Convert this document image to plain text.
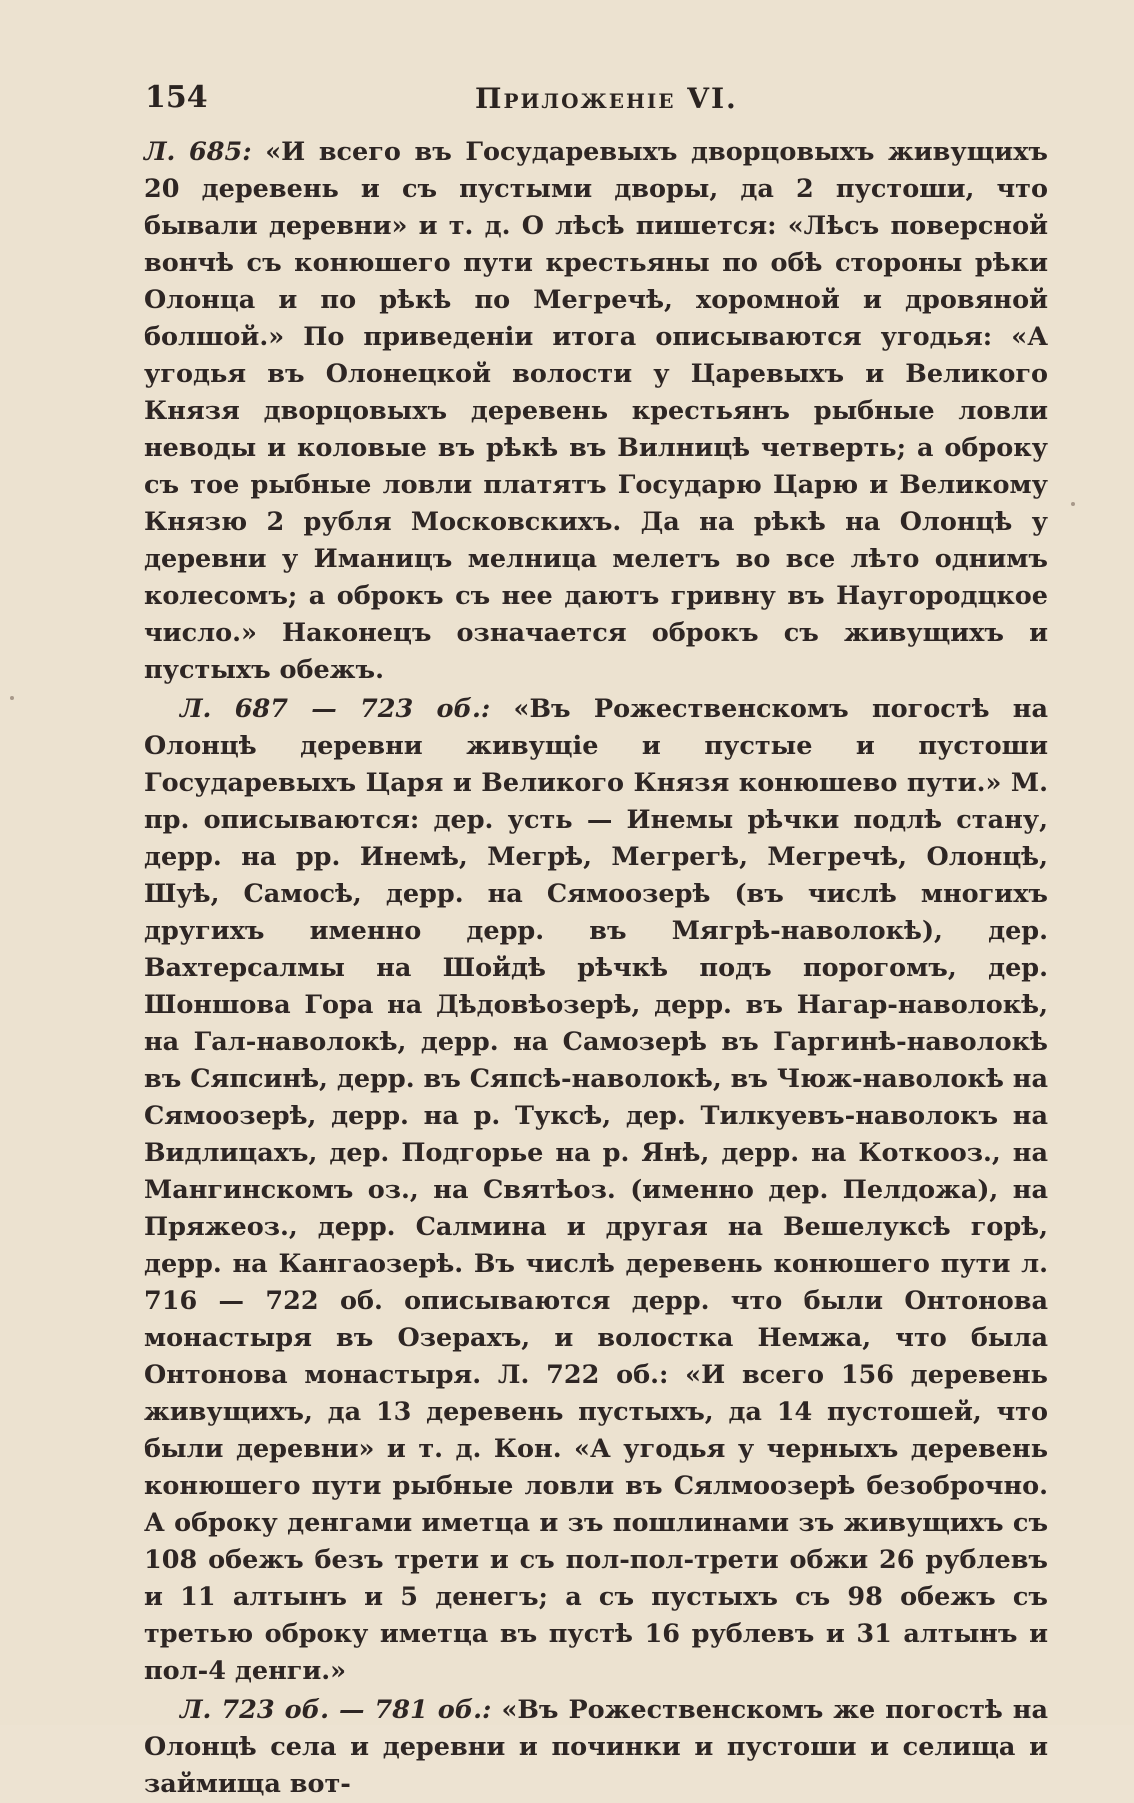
154	Приложеніе VI.

Л. 685: «И всего въ Государевыхъ дворцовыхъ живущихъ 20 деревень и съ пустыми дворы, да 2 пустоши, что бывали деревни» и т. д. О лѣсѣ пишется: «Лѣсъ поверсной вончѣ съ конюшего пути крестьяны по обѣ стороны рѣки Олонца и по рѣкѣ по Мегречѣ, хоромной и дровяной болшой.» По приведеніи итога описываются угодья: «А угодья въ Олонецкой волости у Царевыхъ и Великого Князя дворцовыхъ деревень крестьянъ рыбные ловли неводы и коловые въ рѣкѣ въ Вилницѣ четверть; а оброку съ тое рыбные ловли платятъ Государю Царю и Великому Князю 2 рубля Московскихъ. Да на рѣкѣ на Олонцѣ у деревни у Иманицъ мелница мелетъ во все лѣто однимъ колесомъ; а оброкъ съ нее даютъ гривну въ Наугородцкое число.» Наконецъ означается оброкъ съ живущихъ и пустыхъ обежъ.

Л. 687 — 723 об.: «Въ Рожественскомъ погостѣ на Олонцѣ деревни живущіе и пустые и пустоши Государевыхъ Царя и Великого Князя конюшево пути.» М. пр. описываются: дер. усть — Инемы рѣчки подлѣ стану, дерр. на рр. Инемѣ, Мегрѣ, Мегрегѣ, Мегречѣ, Олонцѣ, Шуѣ, Самосѣ, дерр. на Сямоозерѣ (въ числѣ многихъ другихъ именно дерр. въ Мягрѣ-наволокѣ), дер. Вахтерсалмы на Шойдѣ рѣчкѣ подъ порогомъ, дер. Шоншова Гора на Дѣдовѣозерѣ, дерр. въ Нагар-наволокѣ, на Гал-наволокѣ, дерр. на Самозерѣ въ Гаргинѣ-наволокѣ въ Сяпсинѣ, дерр. въ Сяпсѣ-наволокѣ, въ Чюж-наволокѣ на Сямоозерѣ, дерр. на р. Туксѣ, дер. Тилкуевъ-наволокъ на Видлицахъ, дер. Подгорье на р. Янѣ, дерр. на Коткооз., на Мангинскомъ оз., на Святѣоз. (именно дер. Пелдожа), на Пряжеоз., дерр. Салмина и другая на Вешелуксѣ горѣ, дерр. на Кангаозерѣ. Въ числѣ деревень конюшего пути л. 716 — 722 об. описываются дерр. что были Онтонова монастыря въ Озерахъ, и волостка Немжа, что была Онтонова монастыря. Л. 722 об.: «И всего 156 деревень живущихъ, да 13 деревень пустыхъ, да 14 пустошей, что были деревни» и т. д. Кон. «А угодья у черныхъ деревень конюшего пути рыбные ловли въ Сялмоозерѣ безоброчно. А оброку денгами иметца и зъ пошлинами зъ живущихъ съ 108 обежъ безъ трети и съ пол-пол-трети обжи 26 рублевъ и 11 алтынъ и 5 денегъ; а съ пустыхъ съ 98 обежъ съ третью оброку иметца въ пустѣ 16 рублевъ и 31 алтынъ и пол-4 денги.»

Л. 723 об. — 781 об.: «Въ Рожественскомъ же погостѣ на Олонцѣ села и деревни и починки и пустоши и селища и займища вот-
